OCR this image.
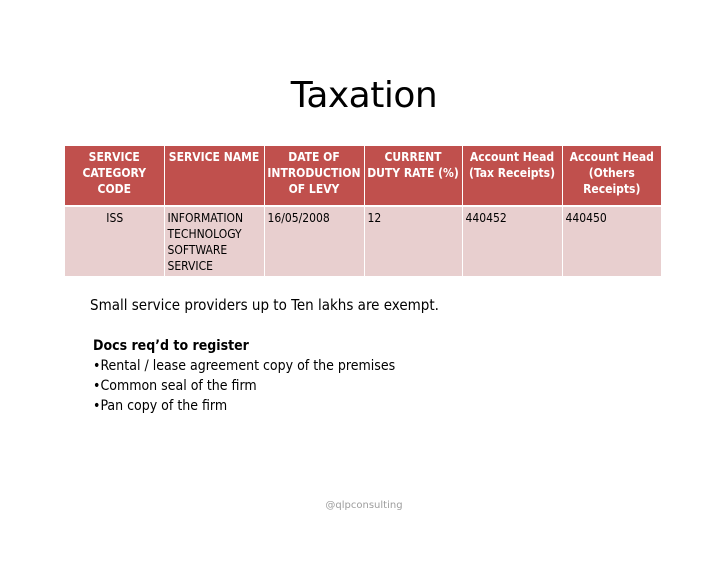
Taxation
SERVICE CATEGORY CODE	SERVICE NAME	DATE OF INTRODUCTION OF LEVY	CURRENT DUTY RATE (%)	Account Head (Tax Receipts)	Account Head (Others Receipts)
ISS	INFORMATION TECHNOLOGY SOFTWARE SERVICE	16/05/2008	12	440452	440450
Small service providers up to Ten lakhs are exempt.
Docs req’d to register
•Rental / lease agreement copy of the premises
•Common seal of the firm
•Pan copy of the firm
@qlpconsulting
